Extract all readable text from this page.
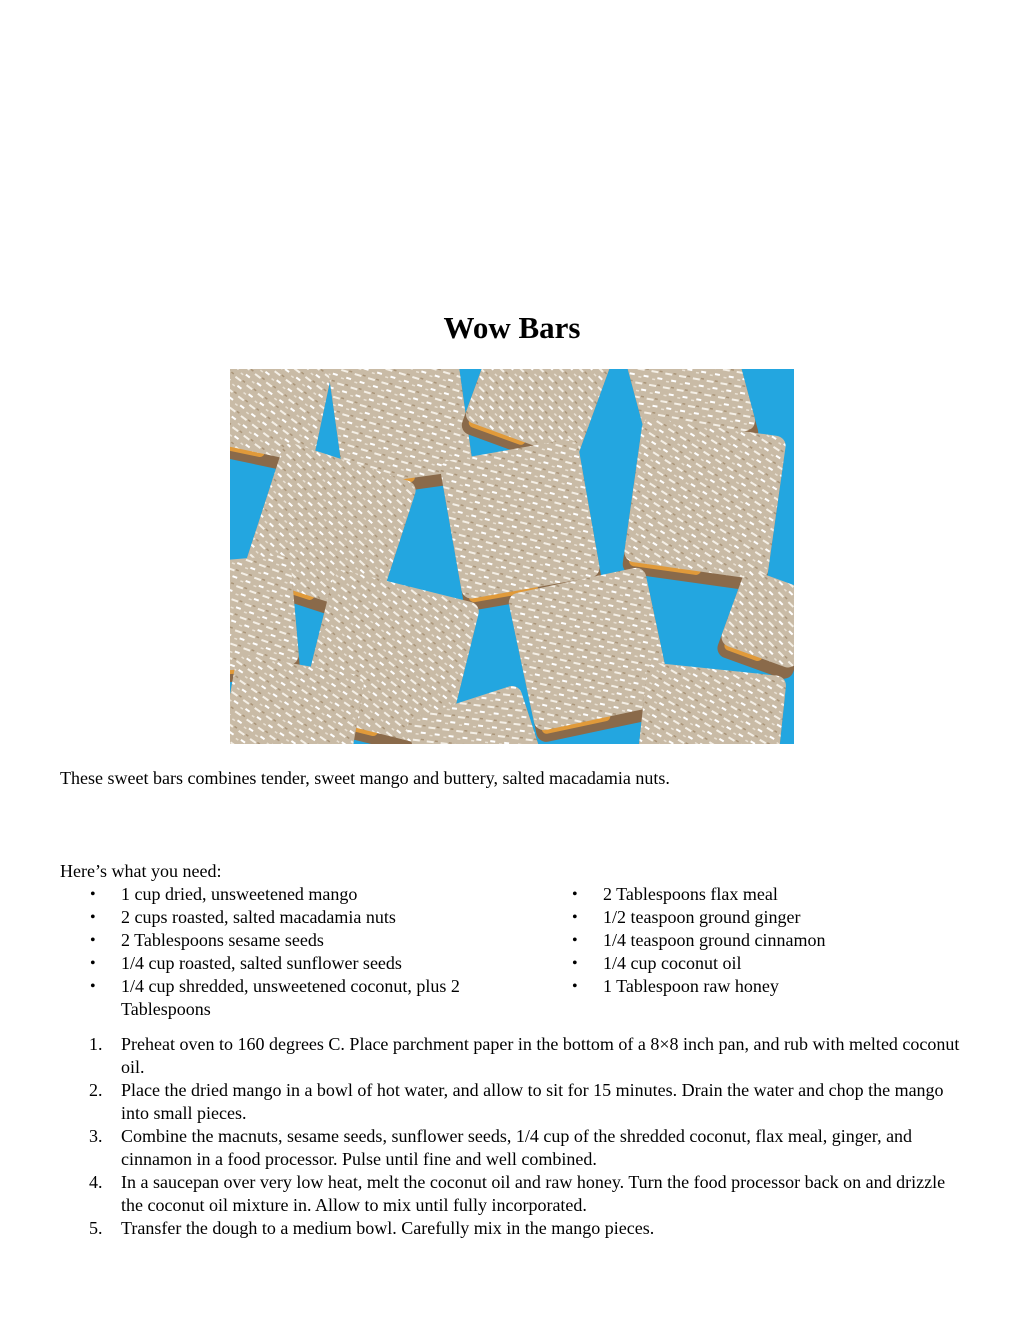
Wow Bars

These sweet bars combines tender, sweet mango and buttery, salted macadamia nuts.

Here’s what you need:

• 1 cup dried, unsweetened mango
• 2 cups roasted, salted macadamia nuts
• 2 Tablespoons sesame seeds
• 1/4 cup roasted, salted sunflower seeds
• 1/4 cup shredded, unsweetened coconut, plus 2 Tablespoons
• 2 Tablespoons flax meal
• 1/2 teaspoon ground ginger
• 1/4 teaspoon ground cinnamon
• 1/4 cup coconut oil
• 1 Tablespoon raw honey
1. Preheat oven to 160 degrees C. Place parchment paper in the bottom of a 8×8 inch pan, and rub with melted coconut oil.
2. Place the dried mango in a bowl of hot water, and allow to sit for 15 minutes. Drain the water and chop the mango into small pieces.
3. Combine the macnuts, sesame seeds, sunflower seeds, 1/4 cup of the shredded coconut, flax meal, ginger, and cinnamon in a food processor. Pulse until fine and well combined.
4. In a saucepan over very low heat, melt the coconut oil and raw honey. Turn the food processor back on and drizzle the coconut oil mixture in. Allow to mix until fully incorporated.
5. Transfer the dough to a medium bowl. Carefully mix in the mango pieces.
